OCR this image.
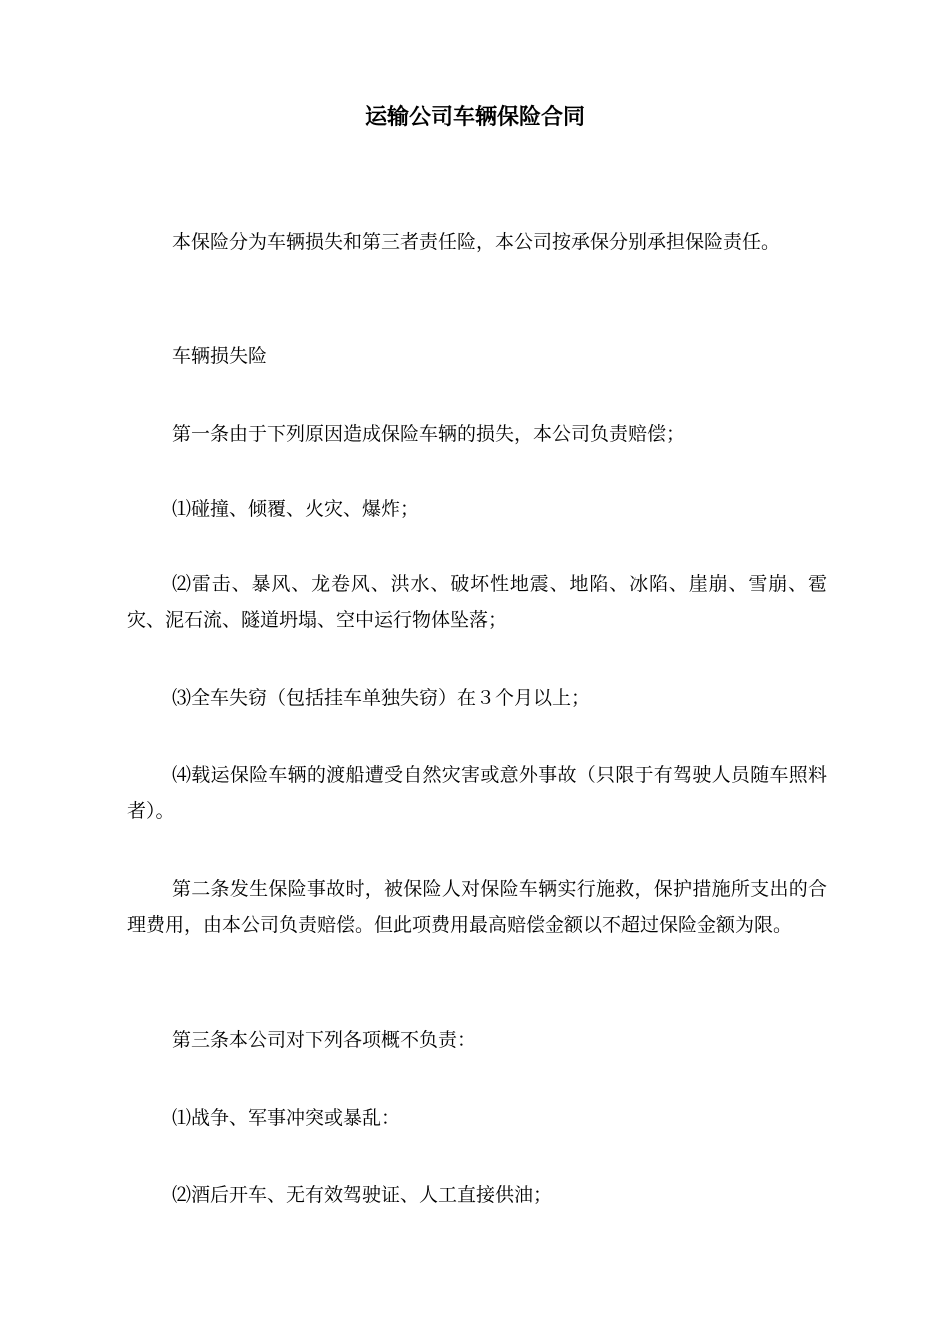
运输公司车辆保险合同

本保险分为车辆损失和第三者责任险，本公司按承保分别承担保险责任。

车辆损失险

第一条由于下列原因造成保险车辆的损失，本公司负责赔偿；

⑴碰撞、倾覆、火灾、爆炸；

⑵雷击、暴风、龙卷风、洪水、破坏性地震、地陷、冰陷、崖崩、雪崩、雹灾、泥石流、隧道坍塌、空中运行物体坠落；

⑶全车失窃（包括挂车单独失窃）在３个月以上；

⑷载运保险车辆的渡船遭受自然灾害或意外事故（只限于有驾驶人员随车照料者）。

第二条发生保险事故时，被保险人对保险车辆实行施救，保护措施所支出的合理费用，由本公司负责赔偿。但此项费用最高赔偿金额以不超过保险金额为限。

第三条本公司对下列各项概不负责：

⑴战争、军事冲突或暴乱：

⑵酒后开车、无有效驾驶证、人工直接供油；
